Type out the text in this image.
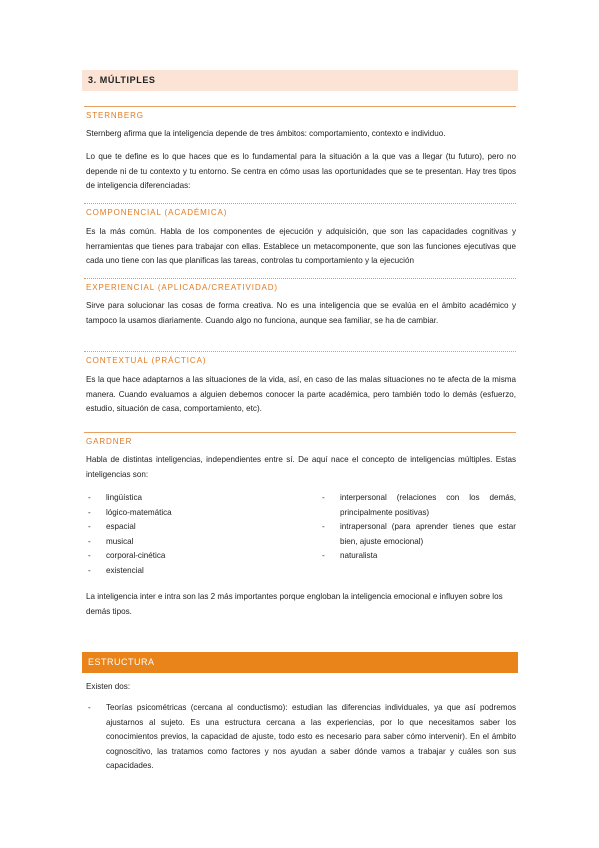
3. MÚLTIPLES
STERNBERG
Sternberg afirma que la inteligencia depende de tres ámbitos: comportamiento, contexto e individuo.
Lo que te define es lo que haces que es lo fundamental para la situación a la que vas a llegar (tu futuro), pero no depende ni de tu contexto y tu entorno. Se centra en cómo usas las oportunidades que se te presentan. Hay tres tipos de inteligencia diferenciadas:
COMPONENCIAL (ACADÉMICA)
Es la más común. Habla de los componentes de ejecución y adquisición, que son las capacidades cognitivas y herramientas que tienes para trabajar con ellas. Establece un metacomponente, que son las funciones ejecutivas que cada uno tiene con las que planificas las tareas, controlas tu comportamiento y la ejecución
EXPERIENCIAL (APLICADA/CREATIVIDAD)
Sirve para solucionar las cosas de forma creativa. No es una inteligencia que se evalúa en el ámbito académico y tampoco la usamos diariamente. Cuando algo no funciona, aunque sea familiar, se ha de cambiar.
CONTEXTUAL (PRÁCTICA)
Es la que hace adaptarnos a las situaciones de la vida, así, en caso de las malas situaciones no te afecta de la misma manera. Cuando evaluamos a alguien debemos conocer la parte académica, pero también todo lo demás (esfuerzo, estudio, situación de casa, comportamiento, etc).
GARDNER
Habla de distintas inteligencias, independientes entre sí. De aquí nace el concepto de inteligencias múltiples. Estas inteligencias son:
- lingüística
- lógico-matemática
- espacial
- musical
- corporal-cinética
- existencial
- interpersonal (relaciones con los demás, principalmente positivas)
- intrapersonal (para aprender tienes que estar bien, ajuste emocional)
- naturalista
La inteligencia inter e intra son las 2 más importantes porque engloban la inteligencia emocional e influyen sobre los demás tipos.
ESTRUCTURA
Existen dos:
- Teorías psicométricas (cercana al conductismo): estudian las diferencias individuales, ya que así podremos ajustarnos al sujeto. Es una estructura cercana a las experiencias, por lo que necesitamos saber los conocimientos previos, la capacidad de ajuste, todo esto es necesario para saber cómo intervenir). En el ámbito cognoscitivo, las tratamos como factores y nos ayudan a saber dónde vamos a trabajar y cuáles son sus capacidades.
